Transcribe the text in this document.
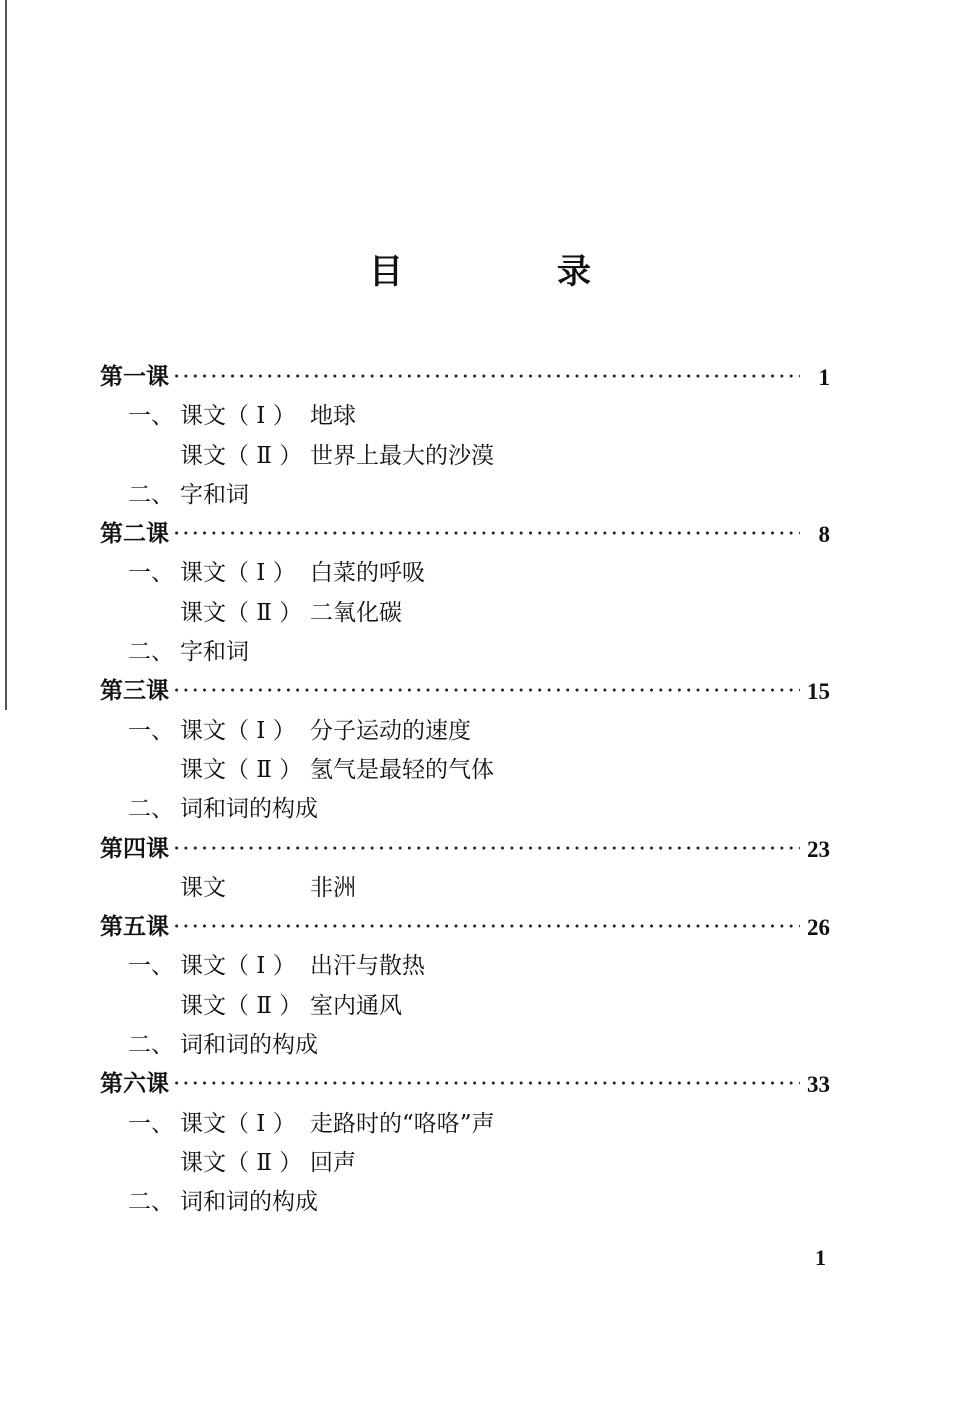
目　录
第一课 ·····	1
一、 课文（ Ⅰ ） 地球
课文（ Ⅱ ） 世界上最大的沙漠
二、 字和词
第二课 ·····	8
一、 课文（ Ⅰ ） 白菜的呼吸
课文（ Ⅱ ） 二氧化碳
二、 字和词
第三课 ·····	15
一、 课文（ Ⅰ ） 分子运动的速度
课文（ Ⅱ ） 氢气是最轻的气体
二、 词和词的构成
第四课 ·····	23
课文	非洲
第五课 ·····	26
一、 课文（ Ⅰ ） 出汗与散热
课文（ Ⅱ ） 室内通风
二、 词和词的构成
第六课 ·····	33
一、 课文（ Ⅰ ） 走路时的“咯咯”声
课文（ Ⅱ ） 回声
二、 词和词的构成
1
